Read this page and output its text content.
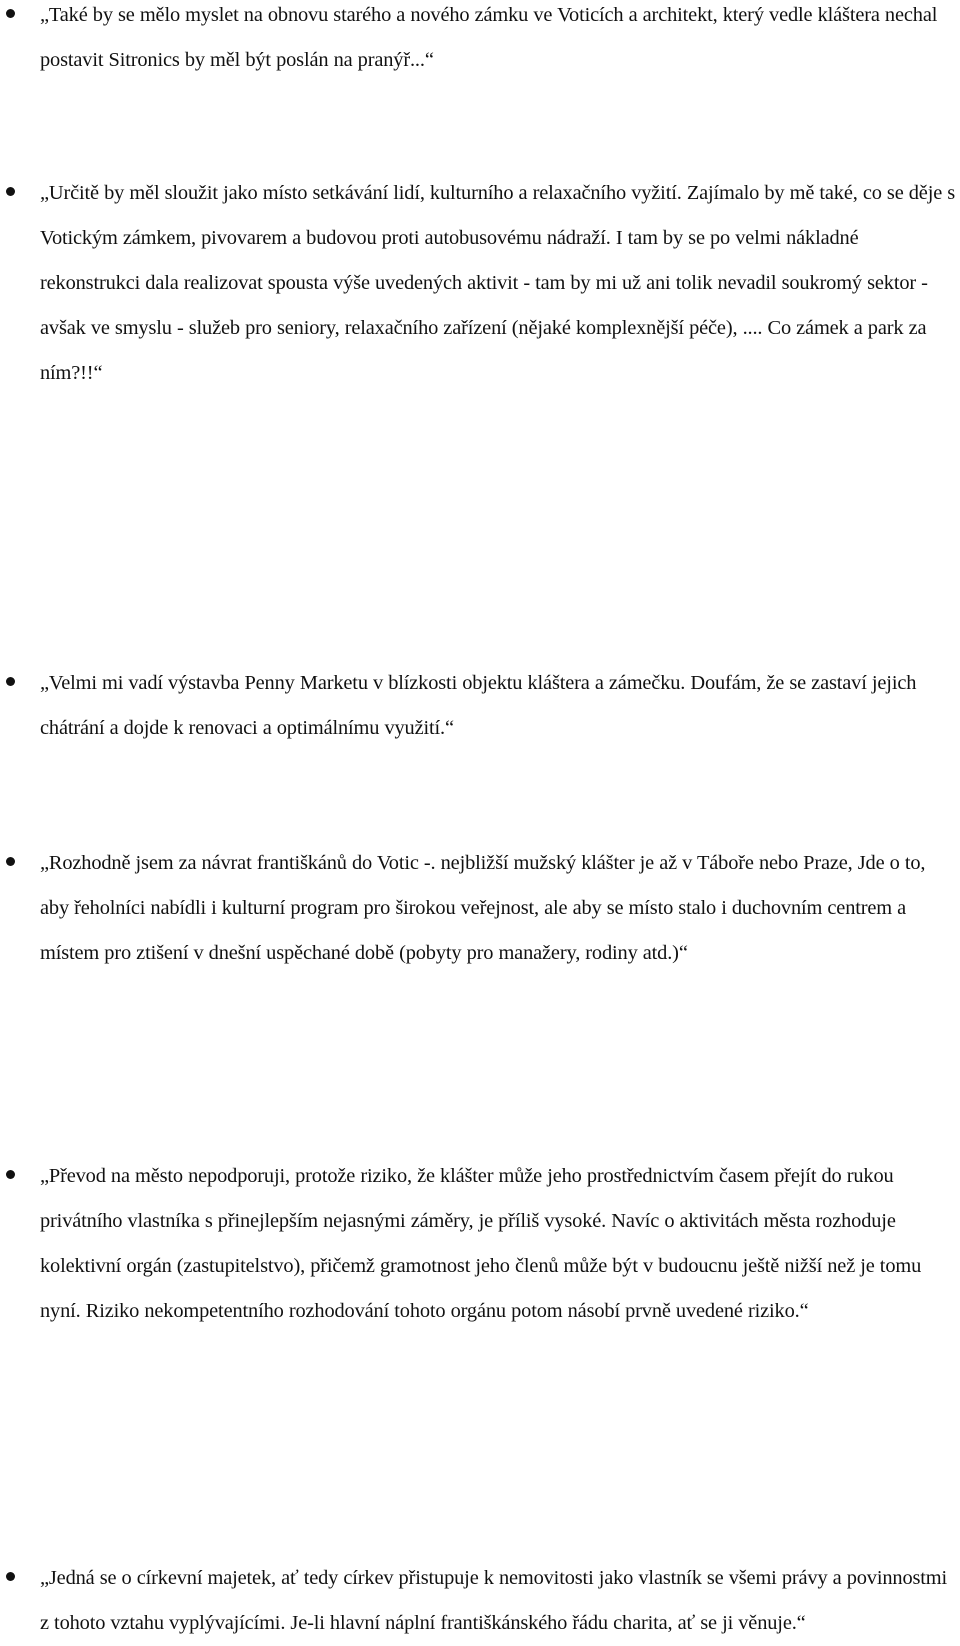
„Také by se mělo myslet na obnovu starého a nového zámku ve Voticích a architekt, který vedle kláštera nechal postavit Sitronics by měl být poslán na pranýř...“
„Určitě by měl sloužit jako místo setkávání lidí, kulturního a relaxačního vyžití. Zajímalo by mě také, co se děje s Votickým zámkem, pivovarem a budovou proti autobusovému nádraží. I tam by se po velmi nákladné rekonstrukci dala realizovat spousta výše uvedených aktivit - tam by mi už ani tolik nevadil soukromý sektor - avšak ve smyslu - služeb pro seniory, relaxačního zařízení (nějaké komplexnější péče), .... Co zámek a park za ním?!!“
„Velmi mi vadí výstavba Penny Marketu v blízkosti objektu kláštera a zámečku. Doufám, že se zastaví jejich chátrání a dojde k renovaci a optimálnímu využití.“
„Rozhodně jsem za návrat františkánů do Votic -. nejbližší mužský klášter je až v Táboře nebo Praze, Jde o to, aby řeholníci nabídli i kulturní program pro širokou veřejnost, ale aby se místo stalo i duchovním centrem a místem pro ztišení v dnešní uspěchané době (pobyty pro manažery, rodiny atd.)“
„Převod na město nepodporuji, protože riziko, že klášter může jeho prostřednictvím časem přejít do rukou privátního vlastníka s přinejlepším nejasnými záměry, je příliš vysoké. Navíc o aktivitách města rozhoduje kolektivní orgán (zastupitelstvo), přičemž gramotnost jeho členů může být v budoucnu ještě nižší než je tomu nyní. Riziko nekompetentního rozhodování tohoto orgánu potom násobí prvně uvedené riziko.“
„Jedná se o církevní majetek, ať tedy církev přistupuje k nemovitosti jako vlastník se všemi právy a povinnostmi z tohoto vztahu vyplývajícími. Je-li hlavní náplní františkánského řádu charita, ať se ji věnuje.“
